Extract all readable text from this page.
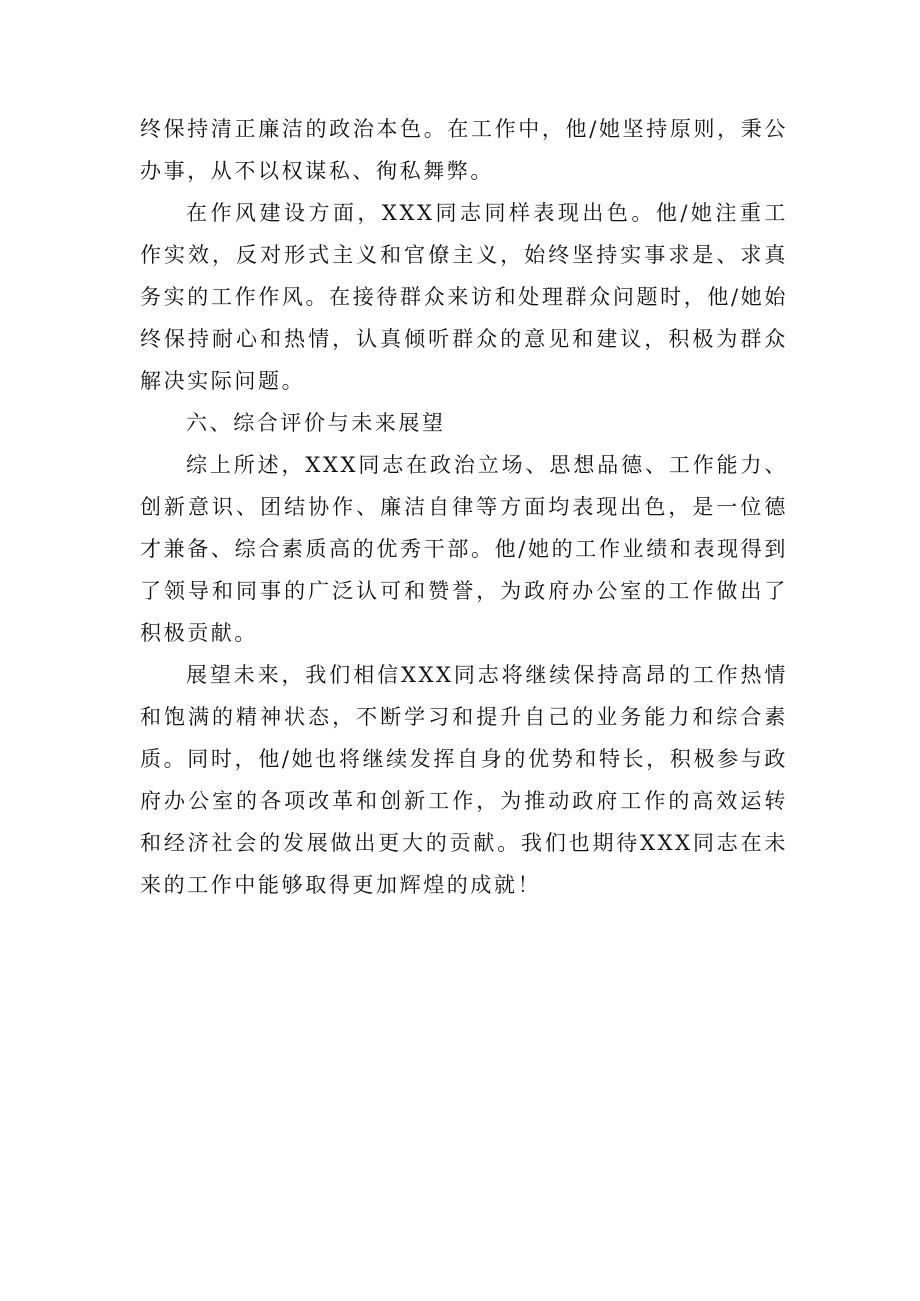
终保持清正廉洁的政治本色。在工作中，他/她坚持原则，秉公办事，从不以权谋私、徇私舞弊。

在作风建设方面，XXX同志同样表现出色。他/她注重工作实效，反对形式主义和官僚主义，始终坚持实事求是、求真务实的工作作风。在接待群众来访和处理群众问题时，他/她始终保持耐心和热情，认真倾听群众的意见和建议，积极为群众解决实际问题。

六、综合评价与未来展望

综上所述，XXX同志在政治立场、思想品德、工作能力、创新意识、团结协作、廉洁自律等方面均表现出色，是一位德才兼备、综合素质高的优秀干部。他/她的工作业绩和表现得到了领导和同事的广泛认可和赞誉，为政府办公室的工作做出了积极贡献。

展望未来，我们相信XXX同志将继续保持高昂的工作热情和饱满的精神状态，不断学习和提升自己的业务能力和综合素质。同时，他/她也将继续发挥自身的优势和特长，积极参与政府办公室的各项改革和创新工作，为推动政府工作的高效运转和经济社会的发展做出更大的贡献。我们也期待XXX同志在未来的工作中能够取得更加辉煌的成就！
